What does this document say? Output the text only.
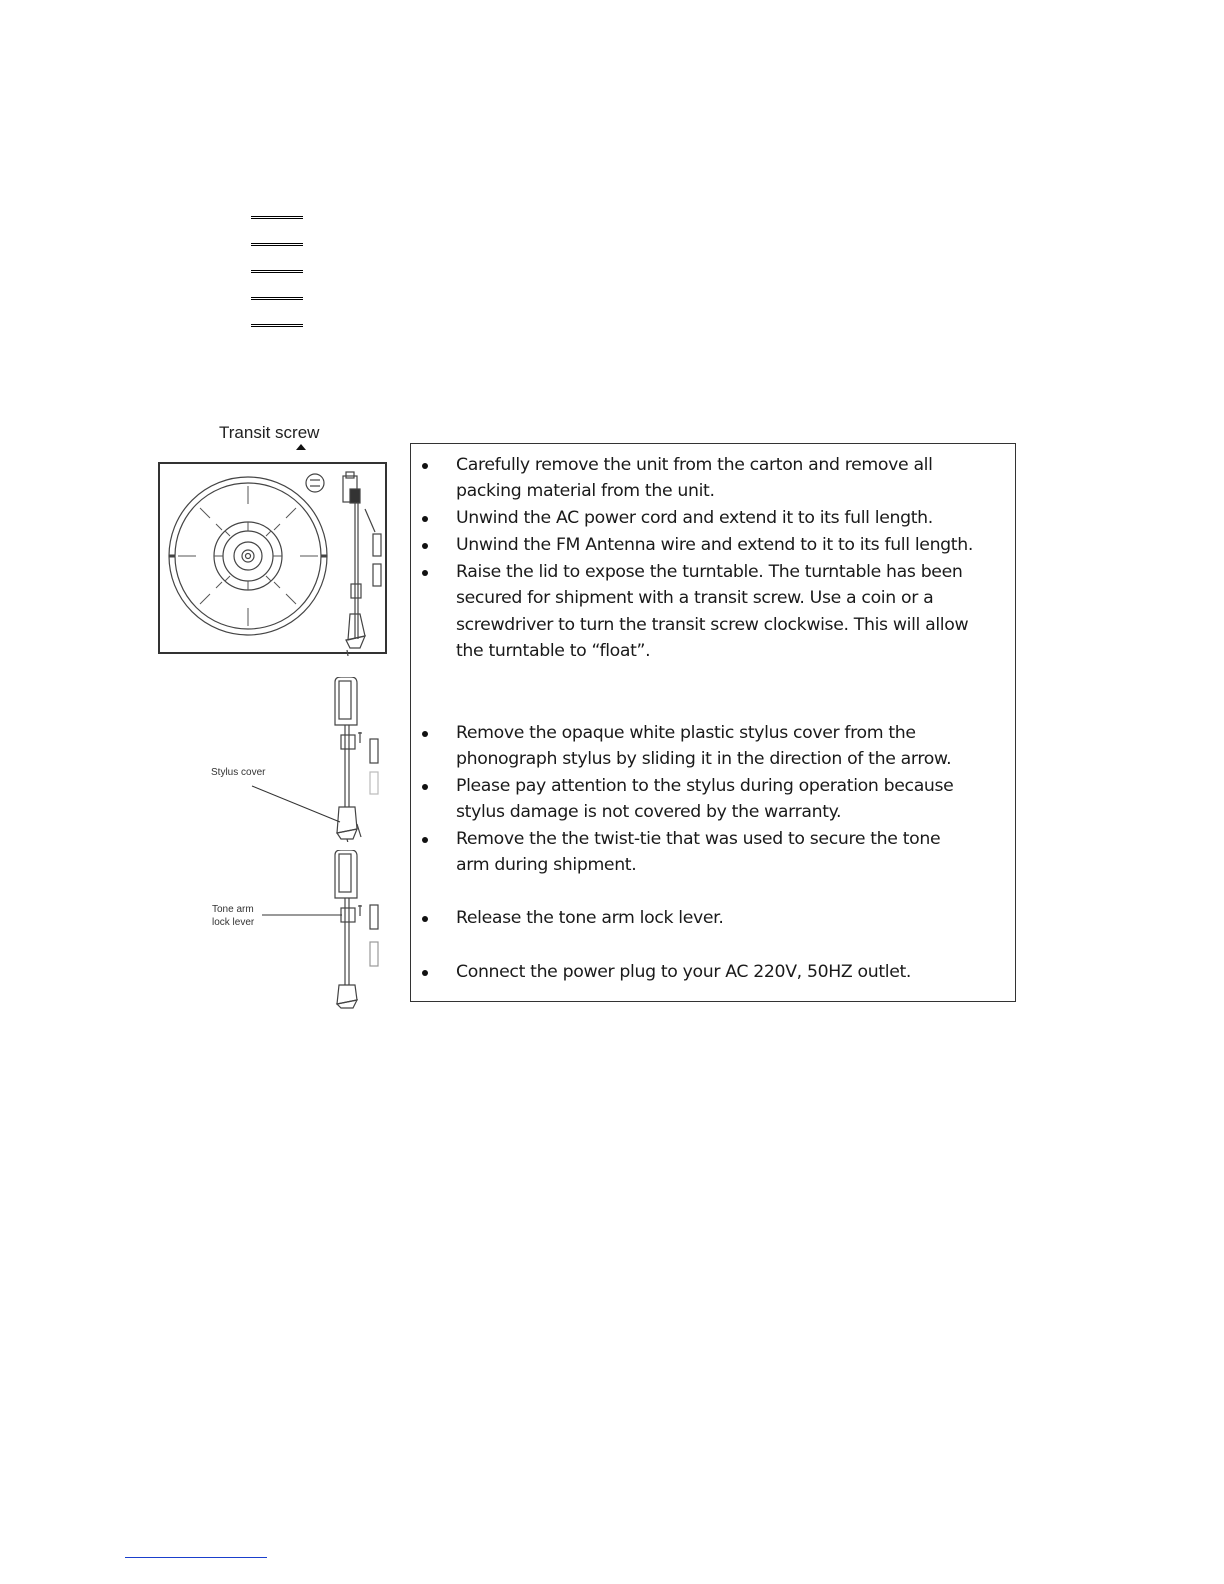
Transit screw
Stylus cover
Tone arm
lock lever
Carefully remove the unit from the carton and remove all packing material from the unit.
Unwind the AC power cord and extend it to its full length.
Unwind the FM Antenna wire and extend to it to its full length.
Raise the lid to expose the turntable. The turntable has been secured for shipment with a transit screw. Use a coin or a screwdriver to turn the transit screw clockwise. This will allow the turntable to “float”.
Remove the opaque white plastic stylus cover from the phonograph stylus by sliding it in the direction of the arrow.
Please pay attention to the stylus during operation because stylus damage is not covered by the warranty.
Remove the the twist-tie that was used to secure the tone arm during shipment.
Release the tone arm lock lever.
Connect the power plug to your AC 220V, 50HZ outlet.
